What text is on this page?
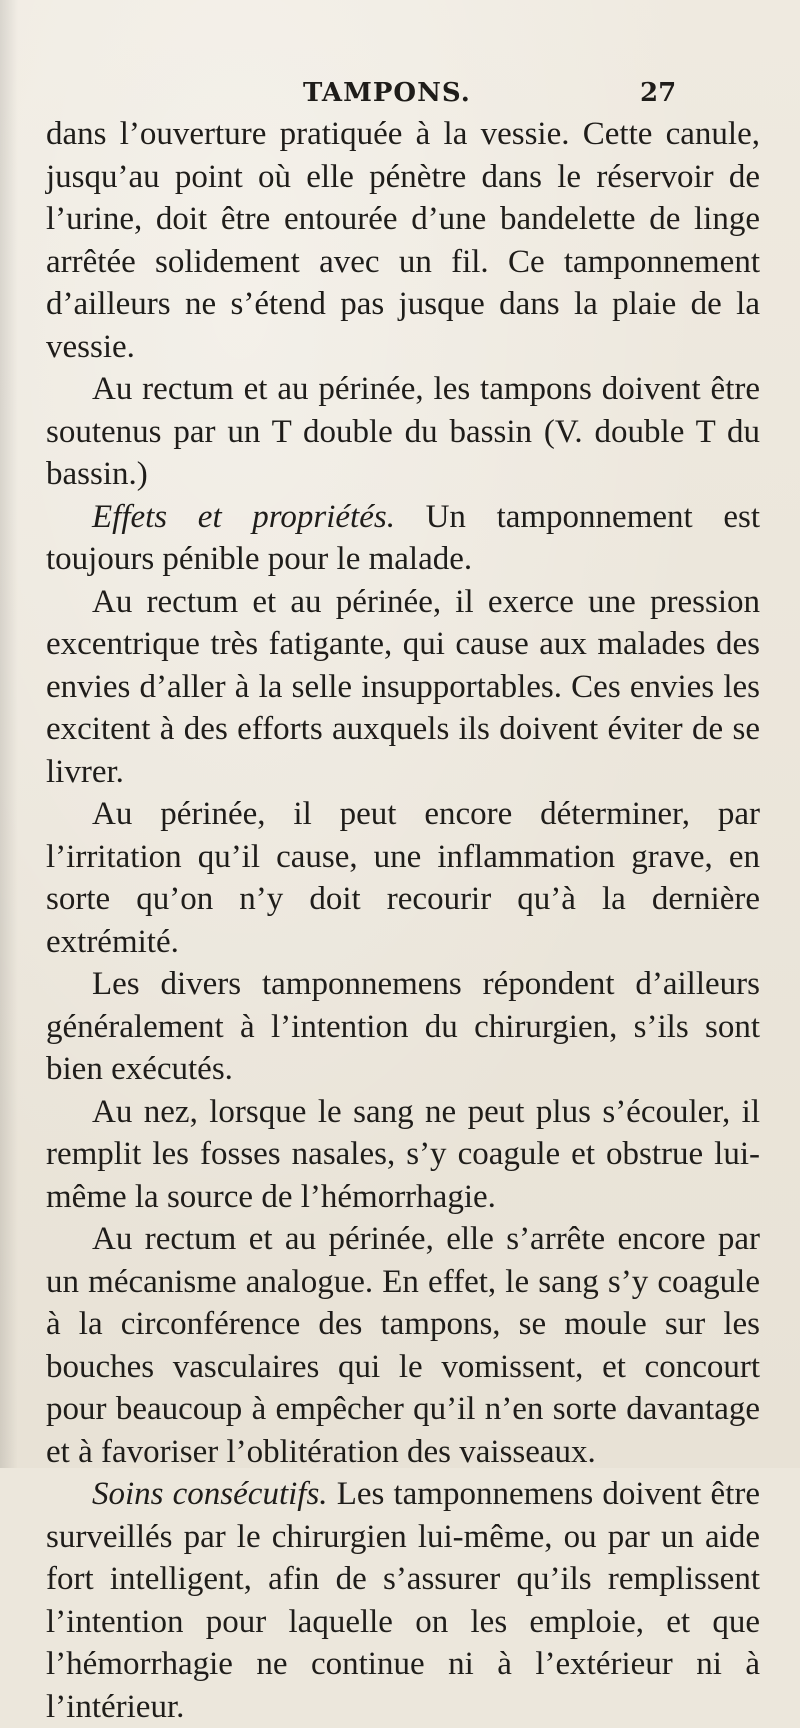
TAMPONS.	27

dans l’ouverture pratiquée à la vessie. Cette canule, jusqu’au point où elle pénètre dans le réservoir de l’urine, doit être entourée d’une bandelette de linge arrêtée solidement avec un fil. Ce tamponnement d’ailleurs ne s’étend pas jusque dans la plaie de la vessie.

Au rectum et au périnée, les tampons doivent être soutenus par un T double du bassin (V. double T du bassin.)

Effets et propriétés. Un tamponnement est toujours pénible pour le malade.

Au rectum et au périnée, il exerce une pression excentrique très fatigante, qui cause aux malades des envies d’aller à la selle insupportables. Ces envies les excitent à des efforts auxquels ils doivent éviter de se livrer.

Au périnée, il peut encore déterminer, par l’irritation qu’il cause, une inflammation grave, en sorte qu’on n’y doit recourir qu’à la dernière extrémité.

Les divers tamponnemens répondent d’ailleurs généralement à l’intention du chirurgien, s’ils sont bien exécutés.

Au nez, lorsque le sang ne peut plus s’écouler, il remplit les fosses nasales, s’y coagule et obstrue lui-même la source de l’hémorrhagie.

Au rectum et au périnée, elle s’arrête encore par un mécanisme analogue. En effet, le sang s’y coagule à la circonférence des tampons, se moule sur les bouches vasculaires qui le vomissent, et concourt pour beaucoup à empêcher qu’il n’en sorte davantage et à favoriser l’oblitération des vaisseaux.

Soins consécutifs. Les tamponnemens doivent être surveillés par le chirurgien lui-même, ou par un aide fort intelligent, afin de s’assurer qu’ils remplissent l’intention pour laquelle on les emploie, et que l’hémorrhagie ne continue ni à l’extérieur ni à l’intérieur.
